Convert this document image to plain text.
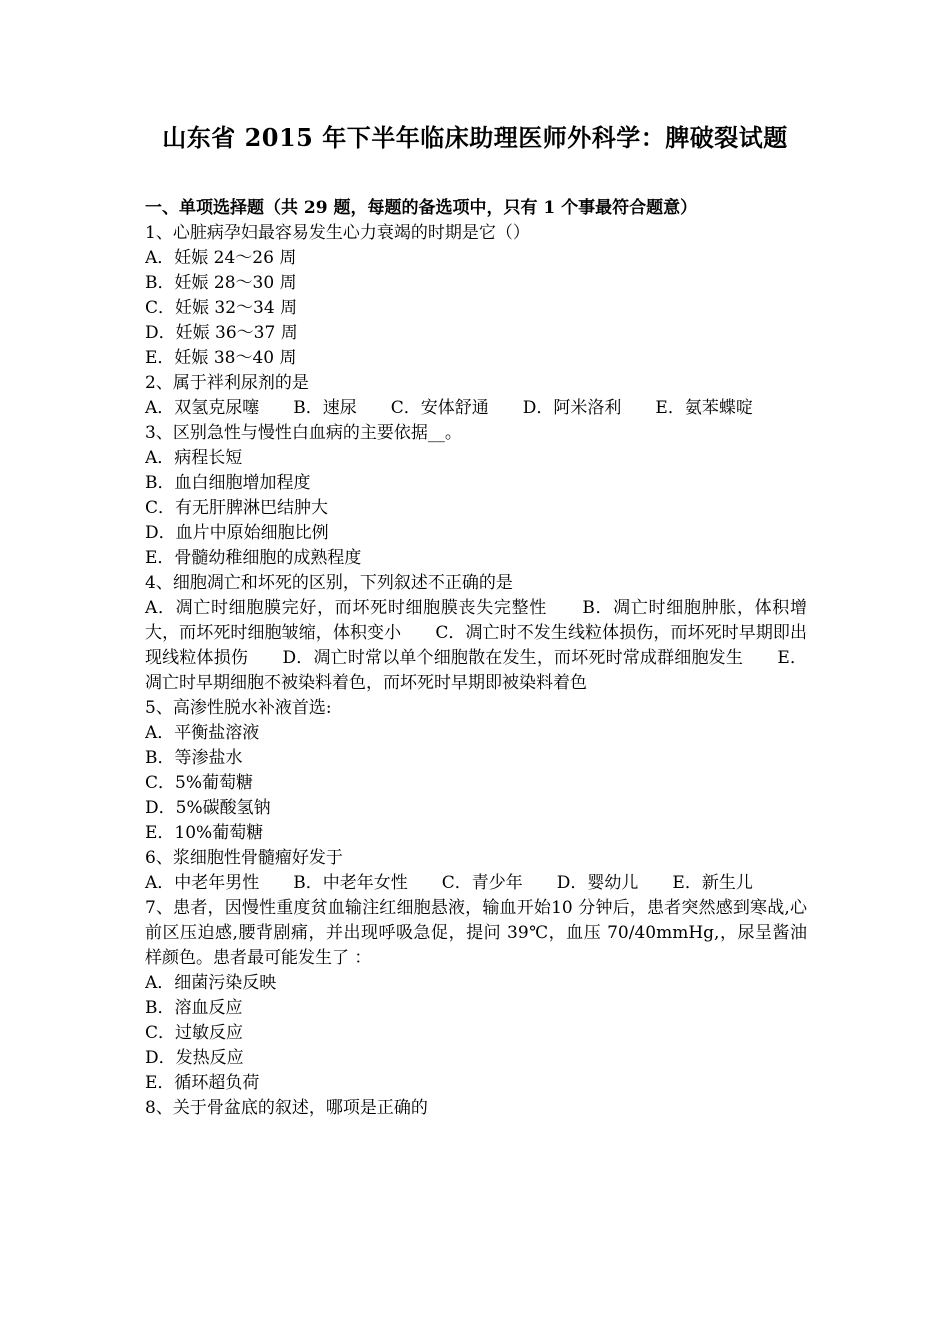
山东省 2015 年下半年临床助理医师外科学：脾破裂试题
一、单项选择题（共 29 题，每题的备选项中，只有 1 个事最符合题意）
1、心脏病孕妇最容易发生心力衰竭的时期是它（）
A．妊娠 24～26 周
B．妊娠 28～30 周
C．妊娠 32～34 周
D．妊娠 36～37 周
E．妊娠 38～40 周
2、属于袢利尿剂的是
A．双氢克尿噻　　B．速尿　　C．安体舒通　　D．阿米洛利　　E．氨苯蝶啶
3、区别急性与慢性白血病的主要依据__。
A．病程长短
B．血白细胞增加程度
C．有无肝脾淋巴结肿大
D．血片中原始细胞比例
E．骨髓幼稚细胞的成熟程度
4、细胞凋亡和坏死的区别，下列叙述不正确的是
A．凋亡时细胞膜完好，而坏死时细胞膜丧失完整性　　B．凋亡时细胞肿胀，体积增大，而坏死时细胞皱缩，体积变小　　C．凋亡时不发生线粒体损伤，而坏死时早期即出现线粒体损伤　　D．凋亡时常以单个细胞散在发生，而坏死时常成群细胞发生　　E．凋亡时早期细胞不被染料着色，而坏死时早期即被染料着色
5、高渗性脱水补液首选:
A．平衡盐溶液
B．等渗盐水
C．5%葡萄糖
D．5%碳酸氢钠
E．10%葡萄糖
6、浆细胞性骨髓瘤好发于
A．中老年男性　　B．中老年女性　　C．青少年　　D．婴幼儿　　E．新生儿
7、患者，因慢性重度贫血输注红细胞悬液，输血开始10 分钟后，患者突然感到寒战,心前区压迫感,腰背剧痛，并出现呼吸急促，提问 39℃，血压 70/40mmHg,，尿呈酱油样颜色。患者最可能发生了 ：
A．细菌污染反映
B．溶血反应
C．过敏反应
D．发热反应
E．循环超负荷
8、关于骨盆底的叙述，哪项是正确的
